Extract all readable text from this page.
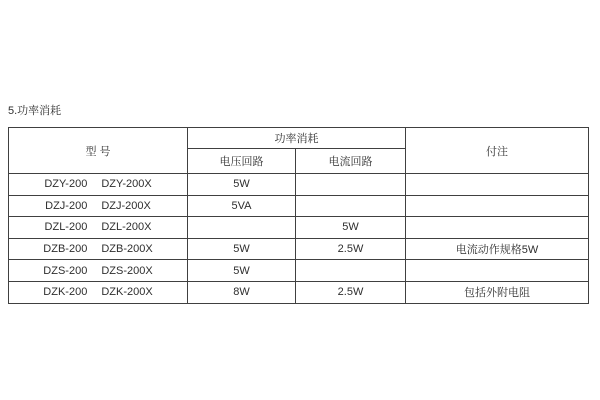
5.功率消耗
型 号	功率消耗		付注
	电压回路	电流回路	
DZY-200 DZY-200X	5W		
DZJ-200 DZJ-200X	5VA		
DZL-200 DZL-200X		5W	
DZB-200 DZB-200X	5W	2.5W	电流动作规格5W
DZS-200 DZS-200X	5W		
DZK-200 DZK-200X	8W	2.5W	包括外附电阻
